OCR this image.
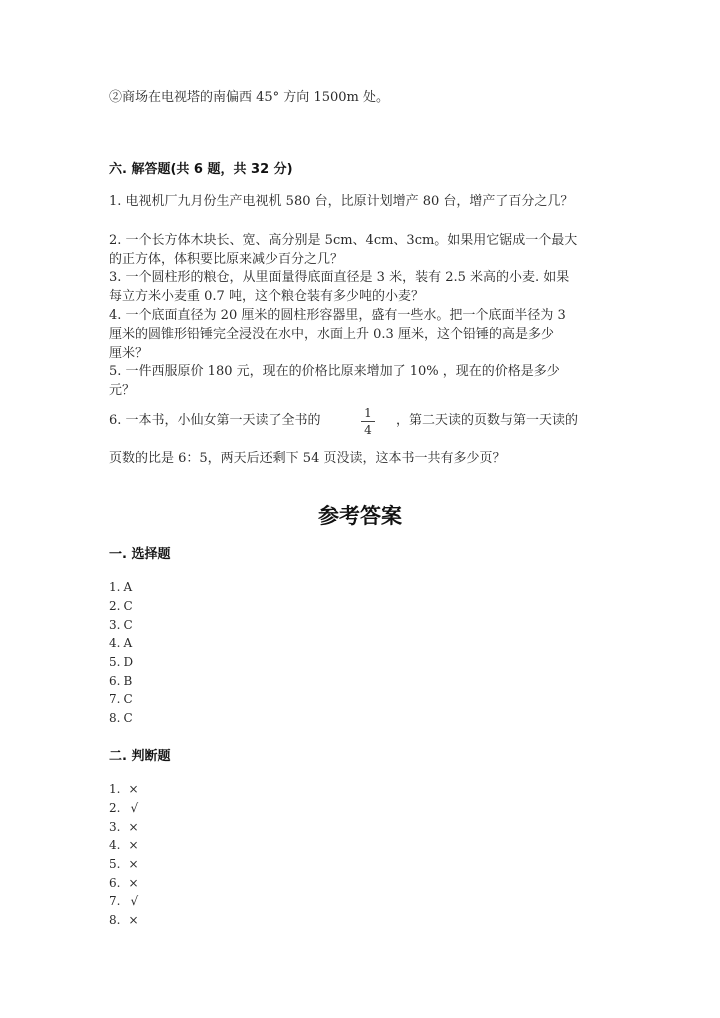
②商场在电视塔的南偏西 45° 方向 1500m 处。
六. 解答题(共 6 题，共 32 分)
1. 电视机厂九月份生产电视机 580 台，比原计划增产 80 台，增产了百分之几？
2. 一个长方体木块长、宽、高分别是 5cm、4cm、3cm。如果用它锯成一个最大
的正方体，体积要比原来减少百分之几？
3. 一个圆柱形的粮仓，从里面量得底面直径是 3 米，装有 2.5 米高的小麦. 如果
每立方米小麦重 0.7 吨，这个粮仓装有多少吨的小麦？
4. 一个底面直径为 20 厘米的圆柱形容器里，盛有一些水。把一个底面半径为 3
厘米的圆锥形铅锤完全浸没在水中，水面上升 0.3 厘米，这个铅锤的高是多少
厘米？
5. 一件西服原价 180 元，现在的价格比原来增加了 10% ，现在的价格是多少
元？
6. 一本书，小仙女第一天读了全书的	1
4
，第二天读的页数与第一天读的
页数的比是 6：5，两天后还剩下 54 页没读，这本书一共有多少页？
参考答案
一. 选择题
1. A
2. C
3. C
4. A
5. D
6. B
7. C
8. C
二. 判断题
1. ×
2. √
3. ×
4. ×
5. ×
6. ×
7. √
8. ×
